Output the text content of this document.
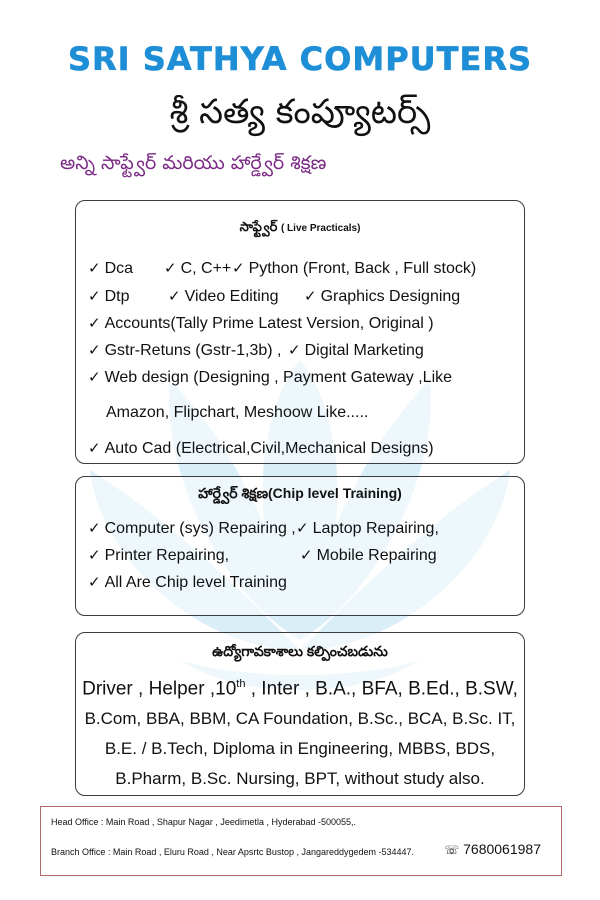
SRI SATHYA COMPUTERS
శ్రీ సత్య కంప్యూటర్స్
అన్ని సాఫ్ట్వేర్ మరియు హార్డ్వేర్ శిక్షణ
సాఫ్ట్వేర్ ( Live Practicals)
✓ Dca ✓ C, C++ ✓ Python (Front, Back , Full stock)
✓ Dtp	✓ Video Editing ✓ Graphics Designing
✓ Accounts(Tally Prime Latest Version, Original )
✓ Gstr-Retuns (Gstr-1,3b) , ✓ Digital Marketing
✓ Web design (Designing , Payment Gateway ,Like
Amazon, Flipchart, Meshoow Like.....
✓ Auto Cad (Electrical,Civil,Mechanical Designs)
హార్డ్వేర్ శిక్షణ(Chip level Training)
✓ Computer (sys) Repairing , ✓ Laptop Repairing,
✓ Printer Repairing,	✓ Mobile Repairing
✓ All Are Chip level Training
ఉద్యోగావకాశాలు కల్పించబడును
Driver , Helper ,10th , Inter , B.A., BFA, B.Ed., B.SW,
B.Com, BBA, BBM, CA Foundation, B.Sc., BCA, B.Sc. IT,
B.E. / B.Tech, Diploma in Engineering, MBBS, BDS,
B.Pharm, B.Sc. Nursing, BPT, without study also.
Head Office : Main Road , Shapur Nagar , Jeedimetla , Hyderabad -500055,.
Branch Office : Main Road , Eluru Road , Near Apsrtc Bustop , Jangareddygedem -534447.	☏ 7680061987
